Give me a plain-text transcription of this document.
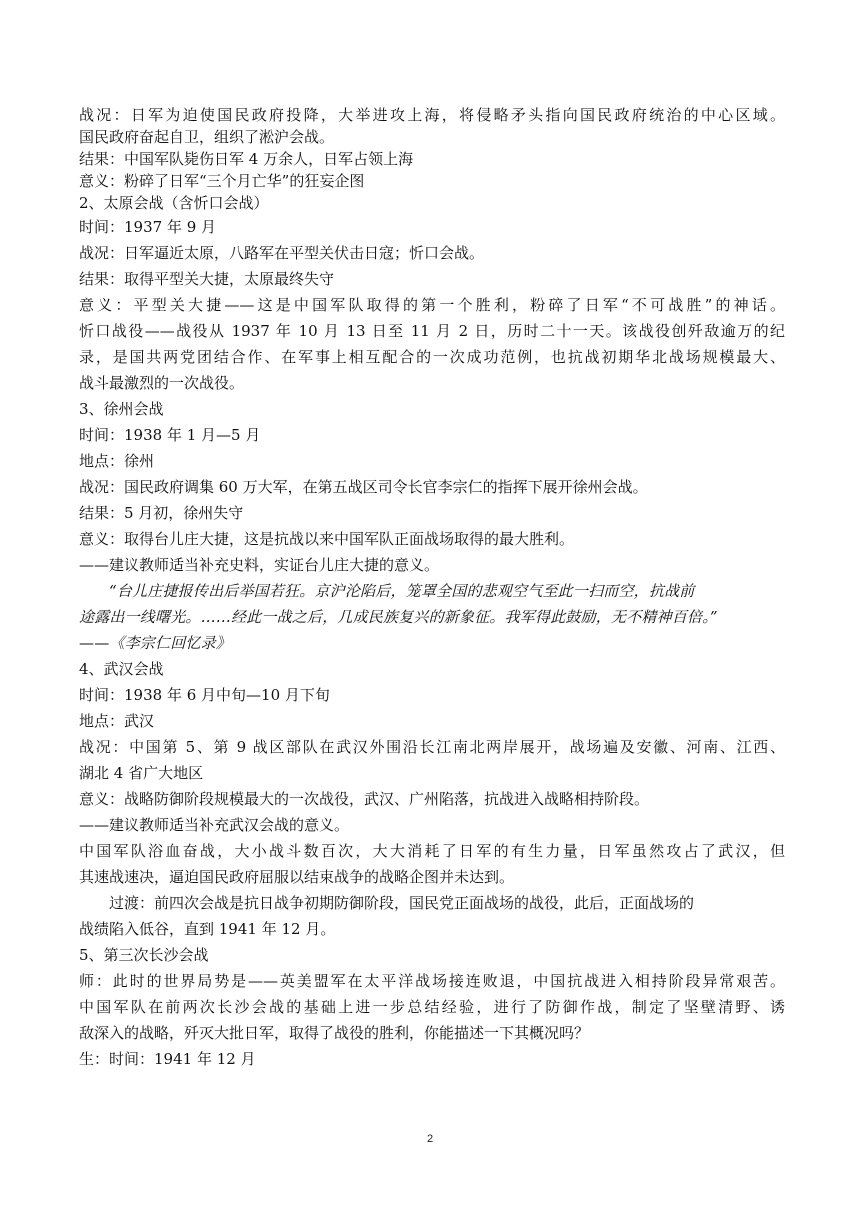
战况：日军为迫使国民政府投降，大举进攻上海，将侵略矛头指向国民政府统治的中心区域。

国民政府奋起自卫，组织了淞沪会战。

结果：中国军队毙伤日军 4 万余人，日军占领上海

意义：粉碎了日军“三个月亡华”的狂妄企图

2、太原会战（含忻口会战）

时间：1937 年 9 月

战况：日军逼近太原，八路军在平型关伏击日寇；忻口会战。

结果：取得平型关大捷，太原最终失守

意义：平型关大捷——这是中国军队取得的第一个胜利，粉碎了日军“不可战胜”的神话。

忻口战役——战役从 1937 年 10 月 13 日至 11 月 2 日，历时二十一天。该战役创歼敌逾万的纪

录，是国共两党团结合作、在军事上相互配合的一次成功范例，也抗战初期华北战场规模最大、

战斗最激烈的一次战役。

3、徐州会战

时间：1938 年 1 月—5 月

地点：徐州

战况：国民政府调集 60 万大军，在第五战区司令长官李宗仁的指挥下展开徐州会战。

结果：5 月初，徐州失守

意义：取得台儿庄大捷，这是抗战以来中国军队正面战场取得的最大胜利。

——建议教师适当补充史料，实证台儿庄大捷的意义。

“台儿庄捷报传出后举国若狂。京沪沦陷后，笼罩全国的悲观空气至此一扫而空，抗战前

途露出一线曙光。……经此一战之后，几成民族复兴的新象征。我军得此鼓励，无不精神百倍。”

——《李宗仁回忆录》

4、武汉会战

时间：1938 年 6 月中旬—10 月下旬

地点：武汉

战况：中国第 5、第 9 战区部队在武汉外围沿长江南北两岸展开，战场遍及安徽、河南、江西、

湖北 4 省广大地区

意义：战略防御阶段规模最大的一次战役，武汉、广州陷落，抗战进入战略相持阶段。

——建议教师适当补充武汉会战的意义。

中国军队浴血奋战，大小战斗数百次，大大消耗了日军的有生力量，日军虽然攻占了武汉，但

其速战速决，逼迫国民政府屈服以结束战争的战略企图并未达到。

过渡：前四次会战是抗日战争初期防御阶段，国民党正面战场的战役，此后，正面战场的

战绩陷入低谷，直到 1941 年 12 月。

5、第三次长沙会战

师：此时的世界局势是——英美盟军在太平洋战场接连败退，中国抗战进入相持阶段异常艰苦。

中国军队在前两次长沙会战的基础上进一步总结经验，进行了防御作战，制定了坚壁清野、诱

敌深入的战略，歼灭大批日军，取得了战役的胜利，你能描述一下其概况吗？

生：时间：1941 年 12 月

2
